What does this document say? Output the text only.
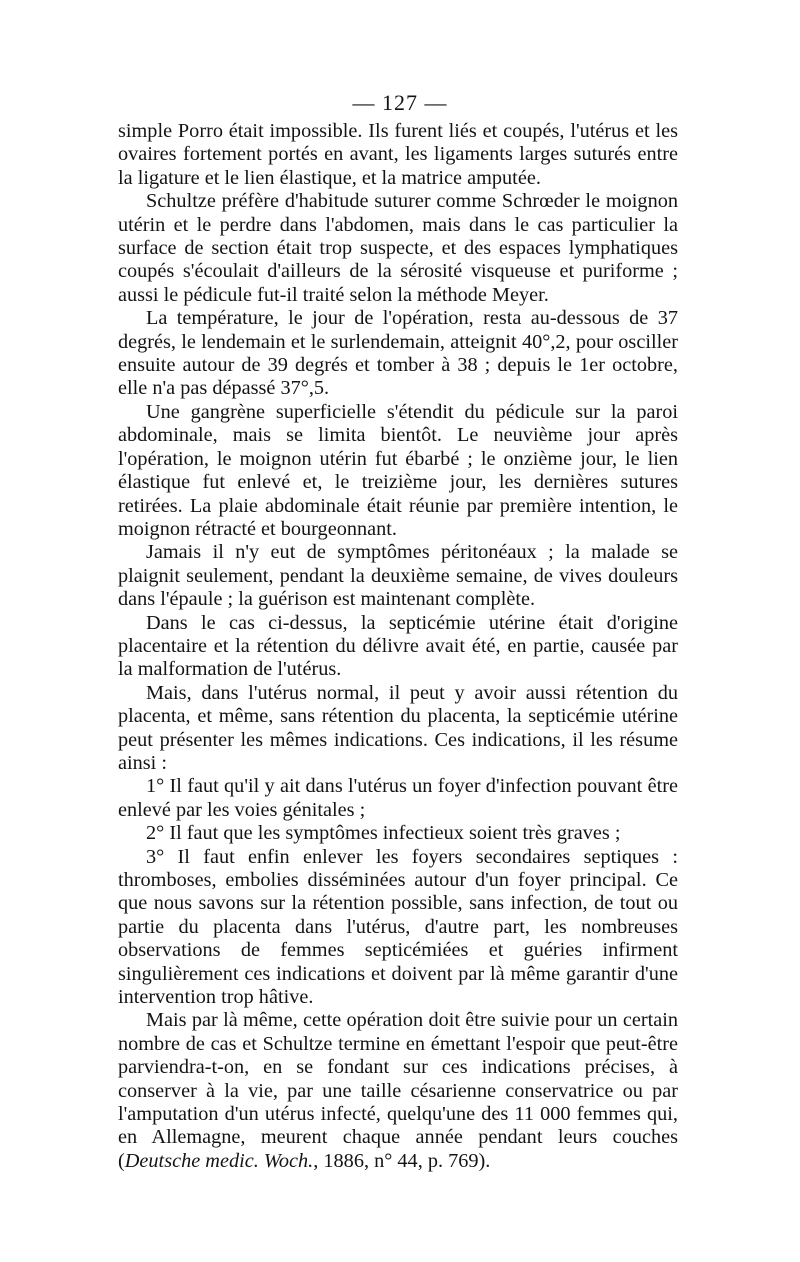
— 127 —

simple Porro était impossible. Ils furent liés et coupés, l'utérus et les ovaires fortement portés en avant, les ligaments larges suturés entre la ligature et le lien élastique, et la matrice amputée.

Schultze préfère d'habitude suturer comme Schrœder le moignon utérin et le perdre dans l'abdomen, mais dans le cas particulier la surface de section était trop suspecte, et des espaces lymphatiques coupés s'écoulait d'ailleurs de la sérosité visqueuse et puriforme ; aussi le pédicule fut-il traité selon la méthode Meyer.

La température, le jour de l'opération, resta au-dessous de 37 degrés, le lendemain et le surlendemain, atteignit 40°,2, pour osciller ensuite autour de 39 degrés et tomber à 38 ; depuis le 1er octobre, elle n'a pas dépassé 37°,5.

Une gangrène superficielle s'étendit du pédicule sur la paroi abdominale, mais se limita bientôt. Le neuvième jour après l'opération, le moignon utérin fut ébarbé ; le onzième jour, le lien élastique fut enlevé et, le treizième jour, les dernières sutures retirées. La plaie abdominale était réunie par première intention, le moignon rétracté et bourgeonnant.

Jamais il n'y eut de symptômes péritonéaux ; la malade se plaignit seulement, pendant la deuxième semaine, de vives douleurs dans l'épaule ; la guérison est maintenant complète.

Dans le cas ci-dessus, la septicémie utérine était d'origine placentaire et la rétention du délivre avait été, en partie, causée par la malformation de l'utérus.

Mais, dans l'utérus normal, il peut y avoir aussi rétention du placenta, et même, sans rétention du placenta, la septicémie utérine peut présenter les mêmes indications. Ces indications, il les résume ainsi :

1° Il faut qu'il y ait dans l'utérus un foyer d'infection pouvant être enlevé par les voies génitales ;

2° Il faut que les symptômes infectieux soient très graves ;

3° Il faut enfin enlever les foyers secondaires septiques : thromboses, embolies disséminées autour d'un foyer principal. Ce que nous savons sur la rétention possible, sans infection, de tout ou partie du placenta dans l'utérus, d'autre part, les nombreuses observations de femmes septicémiées et guéries infirment singulièrement ces indications et doivent par là même garantir d'une intervention trop hâtive.

Mais par là même, cette opération doit être suivie pour un certain nombre de cas et Schultze termine en émettant l'espoir que peut-être parviendra-t-on, en se fondant sur ces indications précises, à conserver à la vie, par une taille césarienne conservatrice ou par l'amputation d'un utérus infecté, quelqu'une des 11 000 femmes qui, en Allemagne, meurent chaque année pendant leurs couches (Deutsche medic. Woch., 1886, n° 44, p. 769).
